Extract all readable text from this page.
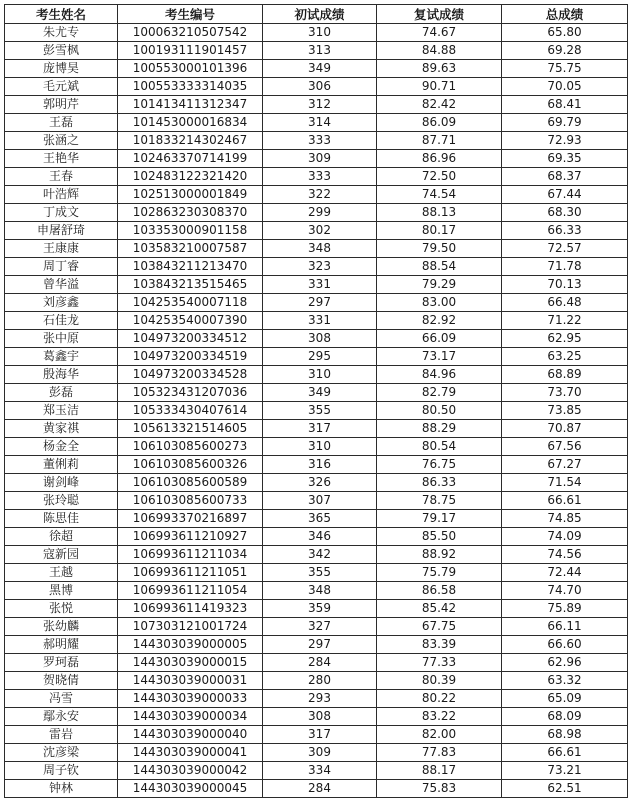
考生姓名	考生编号	初试成绩	复试成绩	总成绩
朱尤专	100063210507542	310	74.67	65.80
彭雪枫	100193111901457	313	84.88	69.28
庞博昊	100553000101396	349	89.63	75.75
毛元斌	100553333314035	306	90.71	70.05
郭明芹	101413411312347	312	82.42	68.41
王磊	101453000016834	314	86.09	69.79
张涵之	101833214302467	333	87.71	72.93
王艳华	102463370714199	309	86.96	69.35
王春	102483122321420	333	72.50	68.37
叶浩辉	102513000001849	322	74.54	67.44
丁成文	102863230308370	299	88.13	68.30
申屠舒琦	103353000901158	302	80.17	66.33
王康康	103583210007587	348	79.50	72.57
周丁睿	103843211213470	323	88.54	71.78
曾华溢	103843213515465	331	79.29	70.13
刘彦鑫	104253540007118	297	83.00	66.48
石佳龙	104253540007390	331	82.92	71.22
张中原	104973200334512	308	66.09	62.95
葛鑫宇	104973200334519	295	73.17	63.25
殷海华	104973200334528	310	84.96	68.89
彭磊	105323431207036	349	82.79	73.70
郑玉洁	105333430407614	355	80.50	73.85
黄家祺	105613321514605	317	88.29	70.87
杨金全	106103085600273	310	80.54	67.56
董俐莉	106103085600326	316	76.75	67.27
谢剑峰	106103085600589	326	86.33	71.54
张玲聪	106103085600733	307	78.75	66.61
陈思佳	106993370216897	365	79.17	74.85
徐超	106993611210927	346	85.50	74.09
寇新园	106993611211034	342	88.92	74.56
王越	106993611211051	355	75.79	72.44
黑博	106993611211054	348	86.58	74.70
张悦	106993611419323	359	85.42	75.89
张幼麟	107303121001724	327	67.75	66.11
郝明耀	144303039000005	297	83.39	66.60
罗珂磊	144303039000015	284	77.33	62.96
贺晓倩	144303039000031	280	80.39	63.32
冯雪	144303039000033	293	80.22	65.09
鄢永安	144303039000034	308	83.22	68.09
雷岩	144303039000040	317	82.00	68.98
沈彦梁	144303039000041	309	77.83	66.61
周子钦	144303039000042	334	88.17	73.21
钟林	144303039000045	284	75.83	62.51
